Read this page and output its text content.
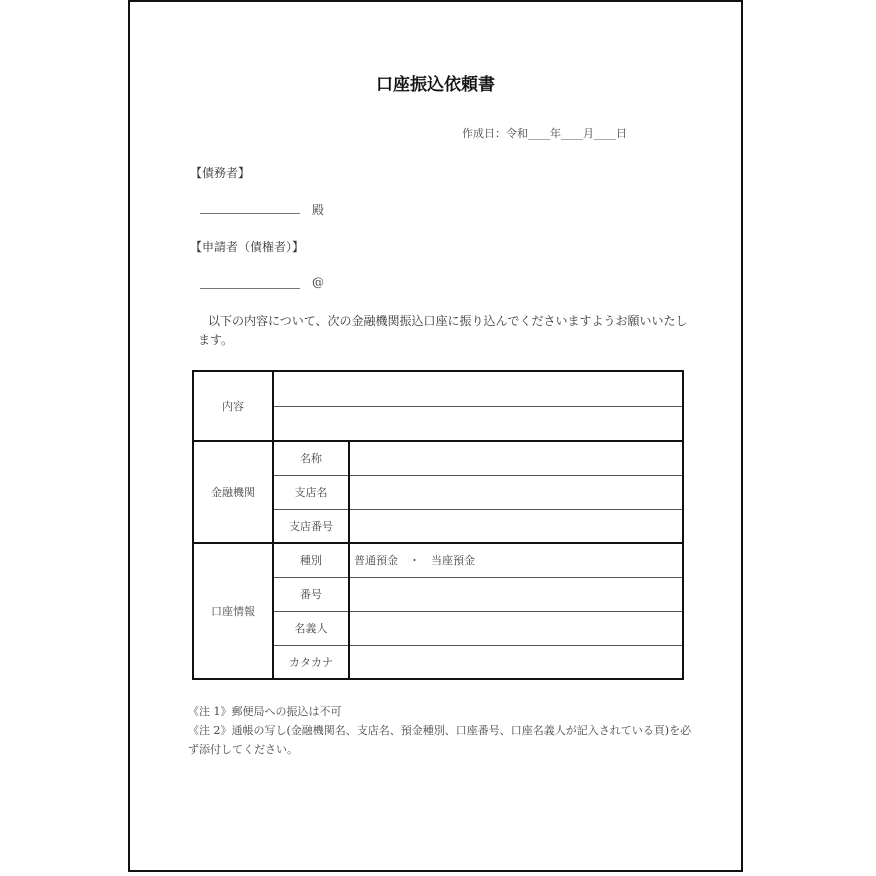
口座振込依頼書
作成日：令和____年____月____日
【債務者】
殿
【申請者（債権者）】
@
以下の内容について、次の金融機関振込口座に振り込んでくださいますようお願いいたします。
内容		

金融機関	名称	
	支店名	
	支店番号	
口座情報	種別	普通預金　・　当座預金
	番号	
	名義人	
	カタカナ	
《注 1》郵便局への振込は不可
《注 2》通帳の写し(金融機関名、支店名、預金種別、口座番号、口座名義人が記入されている頁)を必ず添付してください。
